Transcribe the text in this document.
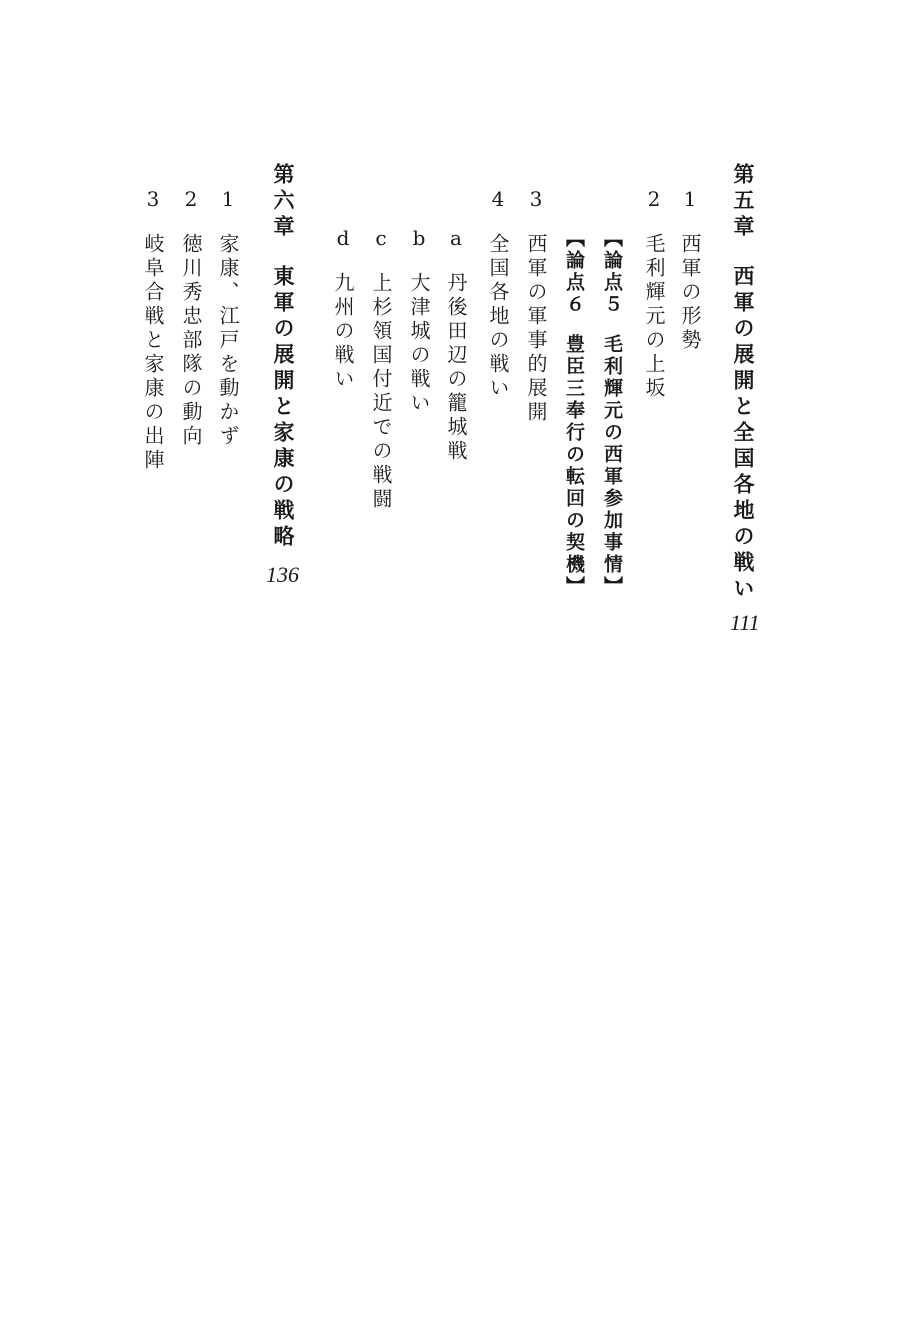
第五章西軍の展開と全国各地の戦い
111
1西軍の形勢
2毛利輝元の上坂
【論点５毛利輝元の西軍参加事情】
【論点６豊臣三奉行の転回の契機】
3西軍の軍事的展開
4全国各地の戦い
a丹後田辺の籠城戦
b大津城の戦い
c上杉領国付近での戦闘
d九州の戦い
第六章東軍の展開と家康の戦略
136
1家康、江戸を動かず
2徳川秀忠部隊の動向
3岐阜合戦と家康の出陣
